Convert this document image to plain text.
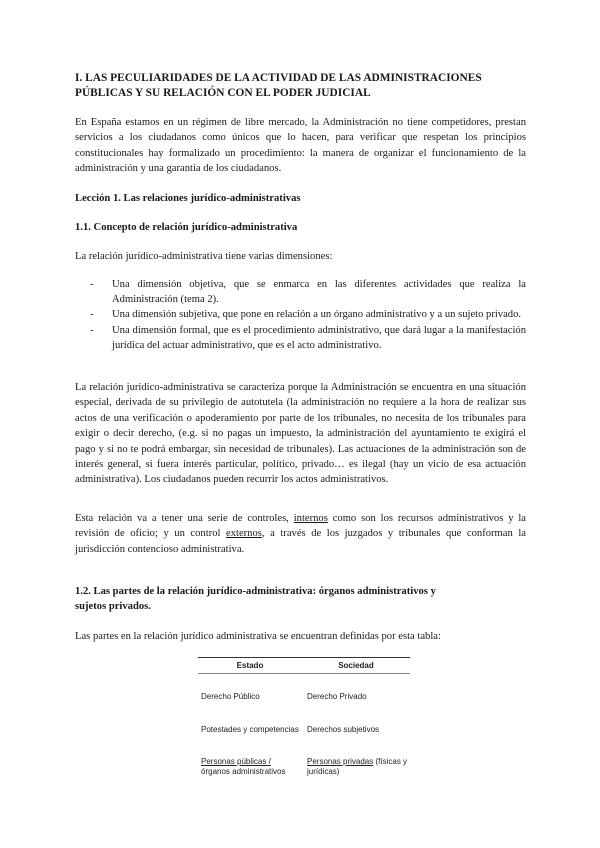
I. LAS PECULIARIDADES DE LA ACTIVIDAD DE LAS ADMINISTRACIONES PÚBLICAS Y SU RELACIÓN CON EL PODER JUDICIAL
En España estamos en un régimen de libre mercado, la Administración no tiene competidores, prestan servicios a los ciudadanos como únicos que lo hacen, para verificar que respetan los principios constitucionales hay formalizado un procedimiento: la manera de organizar el funcionamiento de la administración y una garantía de los ciudadanos.
Lección 1. Las relaciones jurídico-administrativas
1.1. Concepto de relación jurídico-administrativa
La relación jurídico-administrativa tiene varias dimensiones:
- Una dimensión objetiva, que se enmarca en las diferentes actividades que realiza la Administración (tema 2).
- Una dimensión subjetiva, que pone en relación a un órgano administrativo y a un sujeto privado.
- Una dimensión formal, que es el procedimiento administrativo, que dará lugar a la manifestación jurídica del actuar administrativo, que es el acto administrativo.
La relación jurídico-administrativa se caracteriza porque la Administración se encuentra en una situación especial, derivada de su privilegio de autotutela (la administración no requiere a la hora de realizar sus actos de una verificación o apoderamiento por parte de los tribunales, no necesita de los tribunales para exigir o decir derecho, (e.g. si no pagas un impuesto, la administración del ayuntamiento te exigirá el pago y si no te podrá embargar, sin necesidad de tribunales). Las actuaciones de la administración son de interés general, si fuera interés particular, político, privado… es ilegal (hay un vicio de esa actuación administrativa). Los ciudadanos pueden recurrir los actos administrativos.
Esta relación va a tener una serie de controles, internos como son los recursos administrativos y la revisión de oficio; y un control externos, a través de los juzgados y tribunales que conforman la jurisdicción contencioso administrativa.
1.2. Las partes de la relación jurídico-administrativa: órganos administrativos y sujetos privados.
Las partes en la relación jurídico administrativa se encuentran definidas por esta tabla:
Estado	Sociedad
Derecho Público	Derecho Privado
Potestades y competencias Derechos subjetivos
Personas públicas /
órganos administrativos
Personas privadas (físicas y jurídicas)
